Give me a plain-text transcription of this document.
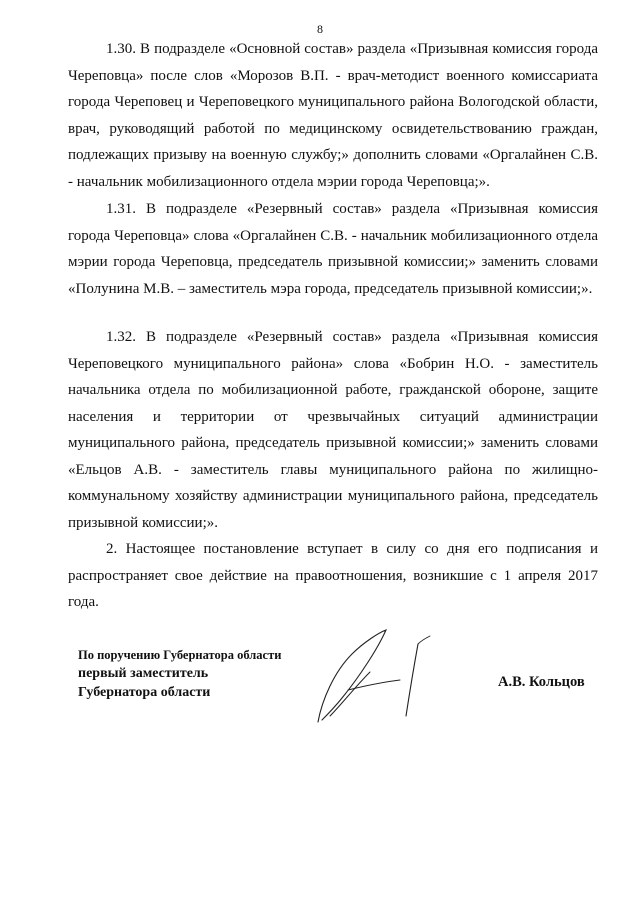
8

1.30. В подразделе «Основной состав» раздела «Призывная комиссия города Череповца» после слов «Морозов В.П. - врач-методист военного комиссариата города Череповец и Череповецкого муниципального района Вологодской области, врач, руководящий работой по медицинскому освидетельствованию граждан, подлежащих призыву на военную службу;» дополнить словами «Оргалайнен С.В. - начальник мобилизационного отдела мэрии города Череповца;».

1.31. В подразделе «Резервный состав» раздела «Призывная комиссия города Череповца» слова «Оргалайнен С.В. - начальник мобилизационного отдела мэрии города Череповца, председатель призывной комиссии;» заменить словами «Полунина М.В. – заместитель мэра города, председатель призывной комиссии;».

1.32. В подразделе «Резервный состав» раздела «Призывная комиссия Череповецкого муниципального района» слова «Бобрин Н.О. - заместитель начальника отдела по мобилизационной работе, гражданской обороне, защите населения и территории от чрезвычайных ситуаций администрации муниципального района, председатель призывной комиссии;» заменить словами «Ельцов А.В. - заместитель главы муниципального района по жилищно-коммунальному хозяйству администрации муниципального района, председатель призывной комиссии;».

2. Настоящее постановление вступает в силу со дня его подписания и распространяет свое действие на правоотношения, возникшие с 1 апреля 2017 года.

По поручению Губернатора области
первый заместитель
Губернатора области
А.В. Кольцов
